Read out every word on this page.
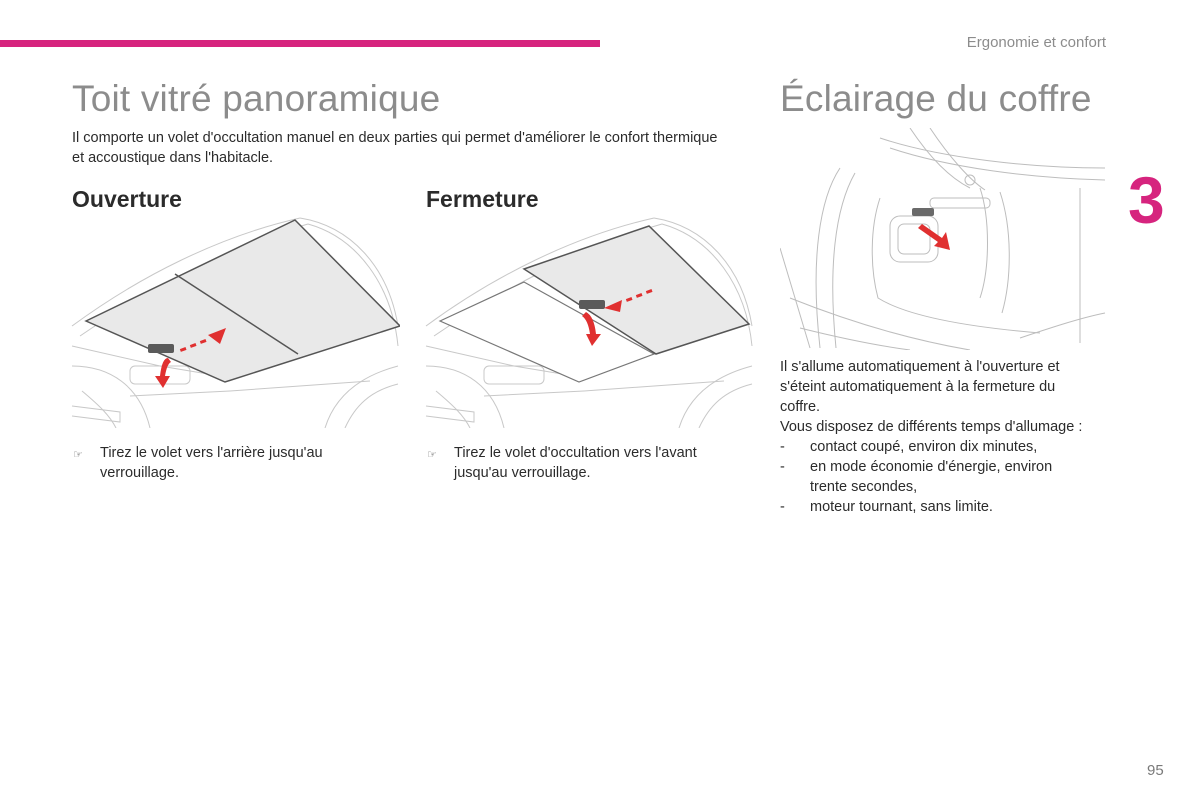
Ergonomie et confort
Toit vitré panoramique	Éclairage du coffre
3
Il comporte un volet d'occultation manuel en deux parties qui permet d'améliorer le confort thermique et accoustique dans l'habitacle.
Ouverture	Fermeture
☞ Tirez le volet vers l'arrière jusqu'au verrouillage.
☞ Tirez le volet d'occultation vers l'avant jusqu'au verrouillage.
Il s'allume automatiquement à l'ouverture et
s'éteint automatiquement à la fermeture du
coffre.
Vous disposez de différents temps d'allumage :
-	contact coupé, environ dix minutes,
-	en mode économie d'énergie, environ
trente secondes,
-	moteur tournant, sans limite.
95
